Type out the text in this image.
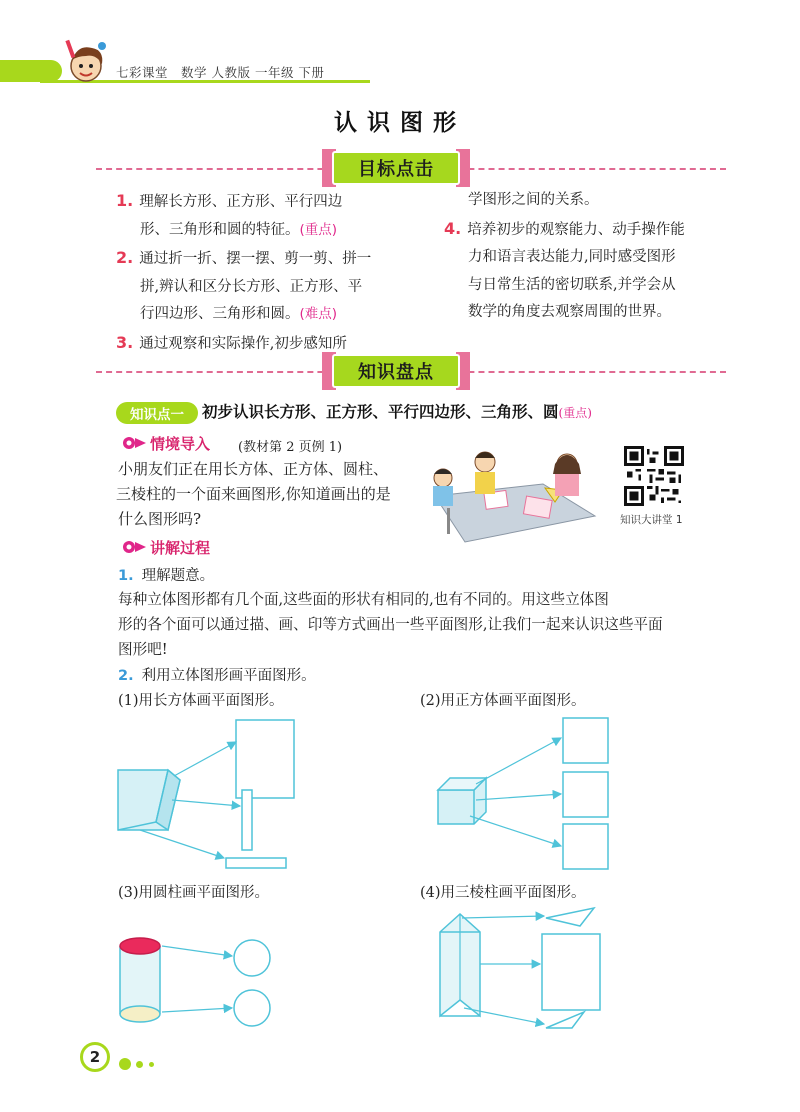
七彩课堂　数学 人教版 一年级 下册
认识图形
目标点击
1. 理解长方形、正方形、平行四边
形、三角形和圆的特征。(重点)
2. 通过折一折、摆一摆、剪一剪、拼一
拼,辨认和区分长方形、正方形、平
行四边形、三角形和圆。(难点)
3. 通过观察和实际操作,初步感知所
学图形之间的关系。
4. 培养初步的观察能力、动手操作能
力和语言表达能力,同时感受图形
与日常生活的密切联系,并学会从
数学的角度去观察周围的世界。
知识盘点
知识点一	初步认识长方形、正方形、平行四边形、三角形、圆(重点)
情境导入 (教材第 2 页例 1)
小朋友们正在用长方体、正方体、圆柱、
三棱柱的一个面来画图形,你知道画出的是
什么图形吗?	知识大讲堂 1
讲解过程
1. 理解题意。
每种立体图形都有几个面,这些面的形状有相同的,也有不同的。用这些立体图
形的各个面可以通过描、画、印等方式画出一些平面图形,让我们一起来认识这些平面
图形吧!
2. 利用立体图形画平面图形。
(1)用长方体画平面图形。	(2)用正方体画平面图形。
(3)用圆柱画平面图形。	(4)用三棱柱画平面图形。
2
